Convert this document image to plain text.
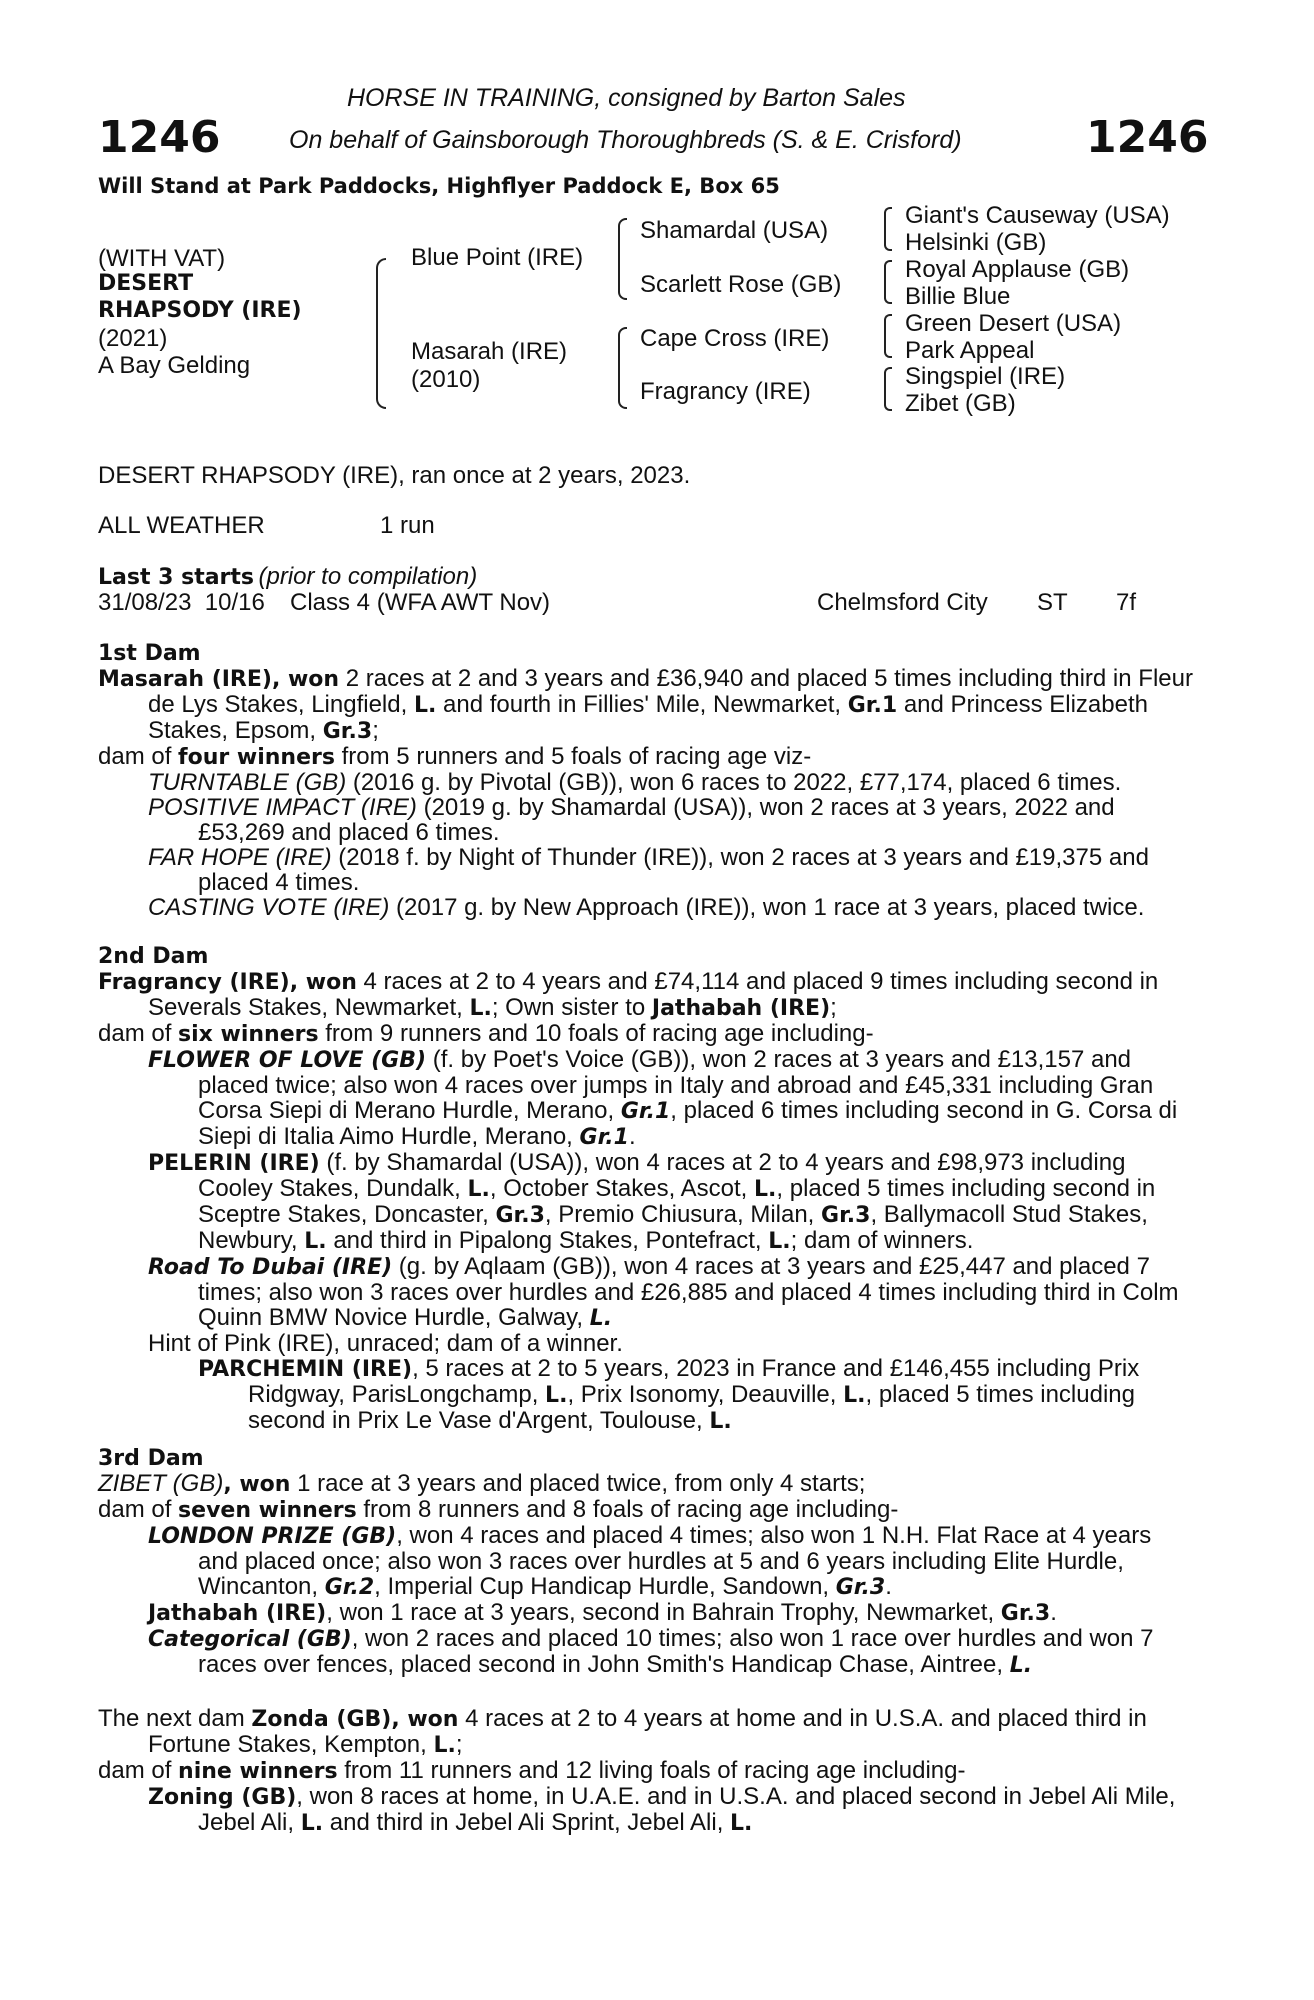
HORSE IN TRAINING, consigned by Barton Sales
1246	On behalf of Gainsborough Thoroughbreds (S. & E. Crisford)	1246
Will Stand at Park Paddocks, Highflyer Paddock E, Box 65
(WITH VAT)
DESERT
RHAPSODY (IRE)
(2021)
A Bay Gelding
Blue Point (IRE)
Masarah (IRE)
(2010)
Shamardal (USA)
Scarlett Rose (GB)
Cape Cross (IRE)
Fragrancy (IRE)
Giant's Causeway (USA)
Helsinki (GB)
Royal Applause (GB)
Billie Blue
Green Desert (USA)
Park Appeal
Singspiel (IRE)
Zibet (GB)
DESERT RHAPSODY (IRE), ran once at 2 years, 2023.
ALL WEATHER	1 run
Last 3 starts (prior to compilation)
31/08/23  10/16 Class 4 (WFA AWT Nov)	Chelmsford City ST 7f

1st Dam

Masarah (IRE), won 2 races at 2 and 3 years and £36,940 and placed 5 times including third in Fleur de Lys Stakes, Lingfield, L. and fourth in Fillies' Mile, Newmarket, Gr.1 and Princess Elizabeth Stakes, Epsom, Gr.3;

dam of four winners from 5 runners and 5 foals of racing age viz-

TURNTABLE (GB) (2016 g. by Pivotal (GB)), won 6 races to 2022, £77,174, placed 6 times.

POSITIVE IMPACT (IRE) (2019 g. by Shamardal (USA)), won 2 races at 3 years, 2022 and £53,269 and placed 6 times.

FAR HOPE (IRE) (2018 f. by Night of Thunder (IRE)), won 2 races at 3 years and £19,375 and placed 4 times.

CASTING VOTE (IRE) (2017 g. by New Approach (IRE)), won 1 race at 3 years, placed twice.

2nd Dam

Fragrancy (IRE), won 4 races at 2 to 4 years and £74,114 and placed 9 times including second in Severals Stakes, Newmarket, L.; Own sister to Jathabah (IRE);

dam of six winners from 9 runners and 10 foals of racing age including-

FLOWER OF LOVE (GB) (f. by Poet's Voice (GB)), won 2 races at 3 years and £13,157 and placed twice; also won 4 races over jumps in Italy and abroad and £45,331 including Gran Corsa Siepi di Merano Hurdle, Merano, Gr.1, placed 6 times including second in G. Corsa di Siepi di Italia Aimo Hurdle, Merano, Gr.1.

PELERIN (IRE) (f. by Shamardal (USA)), won 4 races at 2 to 4 years and £98,973 including Cooley Stakes, Dundalk, L., October Stakes, Ascot, L., placed 5 times including second in Sceptre Stakes, Doncaster, Gr.3, Premio Chiusura, Milan, Gr.3, Ballymacoll Stud Stakes, Newbury, L. and third in Pipalong Stakes, Pontefract, L.; dam of winners.

Road To Dubai (IRE) (g. by Aqlaam (GB)), won 4 races at 3 years and £25,447 and placed 7 times; also won 3 races over hurdles and £26,885 and placed 4 times including third in Colm Quinn BMW Novice Hurdle, Galway, L.

Hint of Pink (IRE), unraced; dam of a winner.

PARCHEMIN (IRE), 5 races at 2 to 5 years, 2023 in France and £146,455 including Prix Ridgway, ParisLongchamp, L., Prix Isonomy, Deauville, L., placed 5 times including second in Prix Le Vase d'Argent, Toulouse, L.

3rd Dam

ZIBET (GB), won 1 race at 3 years and placed twice, from only 4 starts;

dam of seven winners from 8 runners and 8 foals of racing age including-

LONDON PRIZE (GB), won 4 races and placed 4 times; also won 1 N.H. Flat Race at 4 years and placed once; also won 3 races over hurdles at 5 and 6 years including Elite Hurdle, Wincanton, Gr.2, Imperial Cup Handicap Hurdle, Sandown, Gr.3.

Jathabah (IRE), won 1 race at 3 years, second in Bahrain Trophy, Newmarket, Gr.3.

Categorical (GB), won 2 races and placed 10 times; also won 1 race over hurdles and won 7 races over fences, placed second in John Smith's Handicap Chase, Aintree, L.

The next dam Zonda (GB), won 4 races at 2 to 4 years at home and in U.S.A. and placed third in Fortune Stakes, Kempton, L.;

dam of nine winners from 11 runners and 12 living foals of racing age including-

Zoning (GB), won 8 races at home, in U.A.E. and in U.S.A. and placed second in Jebel Ali Mile, Jebel Ali, L. and third in Jebel Ali Sprint, Jebel Ali, L.
